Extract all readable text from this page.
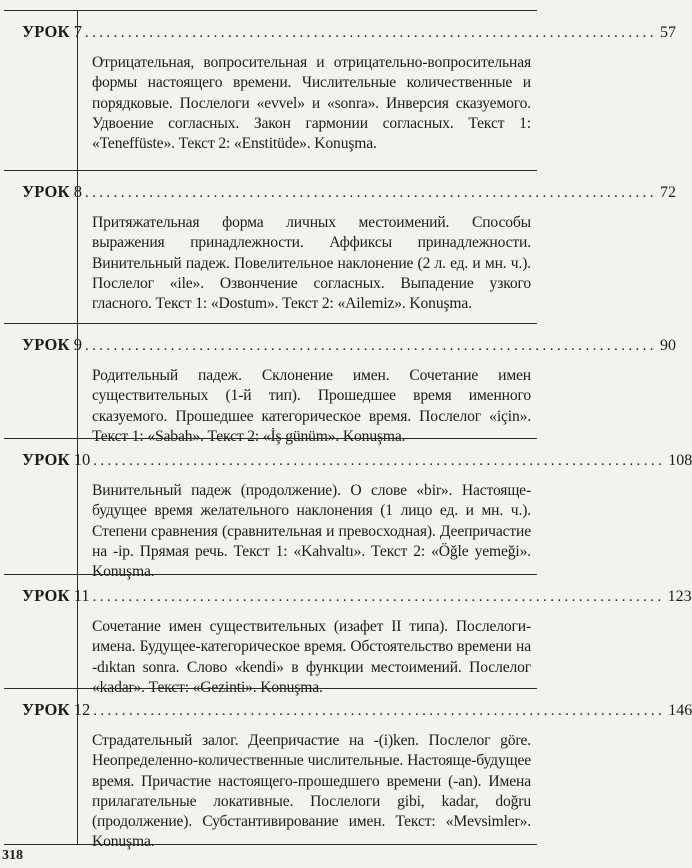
УРОК 7 ................................................................................ 57
Отрицательная, вопросительная и отрицательно-вопросительная формы настоящего времени. Числительные количественные и порядковые. Послелоги «evvel» и «sonra». Инверсия сказуемого. Удвоение согласных. Закон гармонии согласных. Текст 1: «Teneffüste». Текст 2: «Enstitüde». Konuşma.
УРОК 8 ................................................................................ 72
Притяжательная форма личных местоимений. Способы выражения принадлежности. Аффиксы принадлежности. Винительный падеж. Повелительное наклонение (2 л. ед. и мн. ч.). Послелог «ile». Озвончение согласных. Выпадение узкого гласного. Текст 1: «Dostum». Текст 2: «Ailemiz». Konuşma.
УРОК 9 ................................................................................ 90
Родительный падеж. Склонение имен. Сочетание имен существительных (1-й тип). Прошедшее время именного сказуемого. Прошедшее категорическое время. Послелог «için». Текст 1: «Sabah». Текст 2: «İş günüm». Konuşma.
УРОК 10 ................................................................................ 108
Винительный падеж (продолжение). О слове «bir». Настояще-будущее время желательного наклонения (1 лицо ед. и мн. ч.). Степени сравнения (сравнительная и превосходная). Деепричастие на -ip. Прямая речь. Текст 1: «Kahvaltı». Текст 2: «Öğle yemeği». Konuşma.
УРОК 11 ................................................................................ 123
Сочетание имен существительных (изафет II типа). Послелоги-имена. Будущее-категорическое время. Обстоятельство времени на -dıktan sonra. Слово «kendi» в функции местоимений. Послелог «kadar». Текст: «Gezinti». Konuşma.
УРОК 12 ................................................................................ 146
Страдательный залог. Деепричастие на -(i)ken. Послелог göre. Неопределенно-количественные числительные. Настояще-будущее время. Причастие настоящего-прошедшего времени (-an). Имена прилагательные локативные. Послелоги gibi, kadar, doğru (продолжение). Субстантивирование имен. Текст: «Mevsimler». Konuşma.
318
